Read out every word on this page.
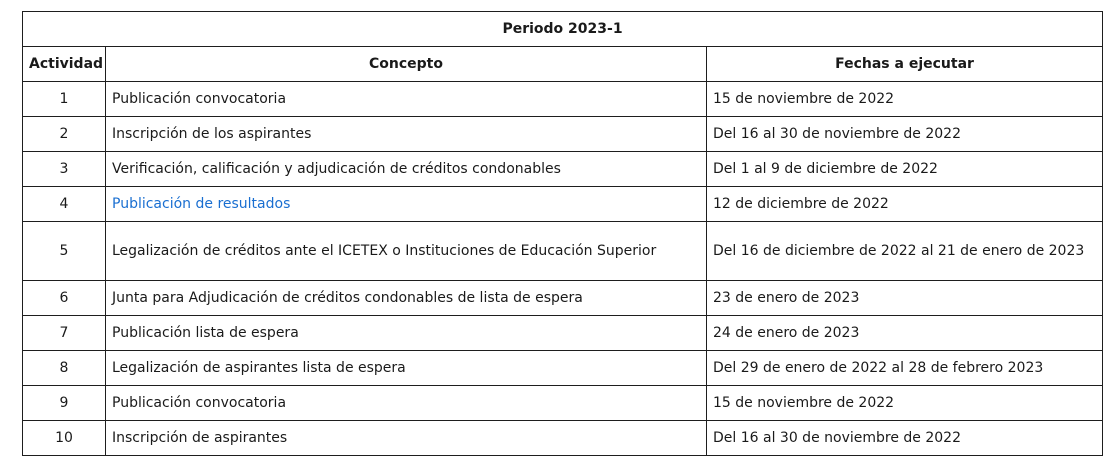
Periodo 2023-1		
Actividad	Concepto	Fechas a ejecutar
1	Publicación convocatoria	15 de noviembre de 2022
2	Inscripción de los aspirantes	Del 16 al 30 de noviembre de 2022
3	Verificación, calificación y adjudicación de créditos condonables	Del 1 al 9 de diciembre de 2022
4	Publicación de resultados	12 de diciembre de 2022
5	Legalización de créditos ante el ICETEX o Instituciones de Educación Superior	Del 16 de diciembre de 2022 al 21 de enero de 2023
6	Junta para Adjudicación de créditos condonables de lista de espera	23 de enero de 2023
7	Publicación lista de espera	24 de enero de 2023
8	Legalización de aspirantes lista de espera	Del 29 de enero de 2022 al 28 de febrero 2023
9	Publicación convocatoria	15 de noviembre de 2022
10	Inscripción de aspirantes	Del 16 al 30 de noviembre de 2022
